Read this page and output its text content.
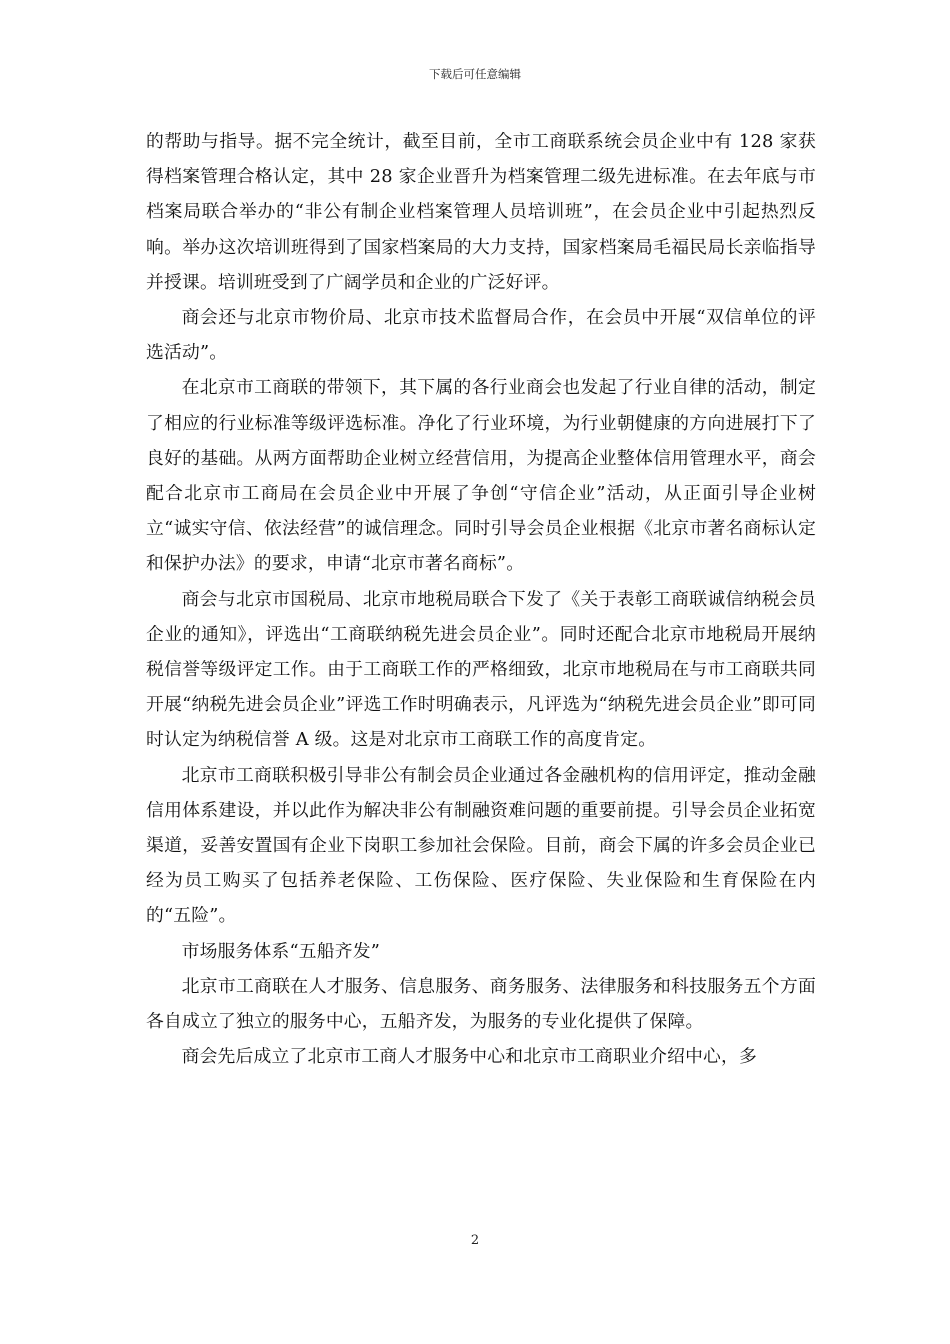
下载后可任意编辑

的帮助与指导。据不完全统计，截至目前，全市工商联系统会员企业中有 128 家获得档案管理合格认定，其中 28 家企业晋升为档案管理二级先进标准。在去年底与市档案局联合举办的“非公有制企业档案管理人员培训班”，在会员企业中引起热烈反响。举办这次培训班得到了国家档案局的大力支持，国家档案局毛福民局长亲临指导并授课。培训班受到了广阔学员和企业的广泛好评。

商会还与北京市物价局、北京市技术监督局合作，在会员中开展“双信单位的评选活动”。

在北京市工商联的带领下，其下属的各行业商会也发起了行业自律的活动，制定了相应的行业标准等级评选标准。净化了行业环境，为行业朝健康的方向进展打下了良好的基础。从两方面帮助企业树立经营信用，为提高企业整体信用管理水平，商会配合北京市工商局在会员企业中开展了争创“守信企业”活动，从正面引导企业树立“诚实守信、依法经营”的诚信理念。同时引导会员企业根据《北京市著名商标认定和保护办法》的要求，申请“北京市著名商标”。

商会与北京市国税局、北京市地税局联合下发了《关于表彰工商联诚信纳税会员企业的通知》，评选出“工商联纳税先进会员企业”。同时还配合北京市地税局开展纳税信誉等级评定工作。由于工商联工作的严格细致，北京市地税局在与市工商联共同开展“纳税先进会员企业”评选工作时明确表示，凡评选为“纳税先进会员企业”即可同时认定为纳税信誉 A 级。这是对北京市工商联工作的高度肯定。

北京市工商联积极引导非公有制会员企业通过各金融机构的信用评定，推动金融信用体系建设，并以此作为解决非公有制融资难问题的重要前提。引导会员企业拓宽渠道，妥善安置国有企业下岗职工参加社会保险。目前，商会下属的许多会员企业已经为员工购买了包括养老保险、工伤保险、医疗保险、失业保险和生育保险在内的“五险”。

市场服务体系“五船齐发”

北京市工商联在人才服务、信息服务、商务服务、法律服务和科技服务五个方面各自成立了独立的服务中心，五船齐发，为服务的专业化提供了保障。

商会先后成立了北京市工商人才服务中心和北京市工商职业介绍中心，多

2
